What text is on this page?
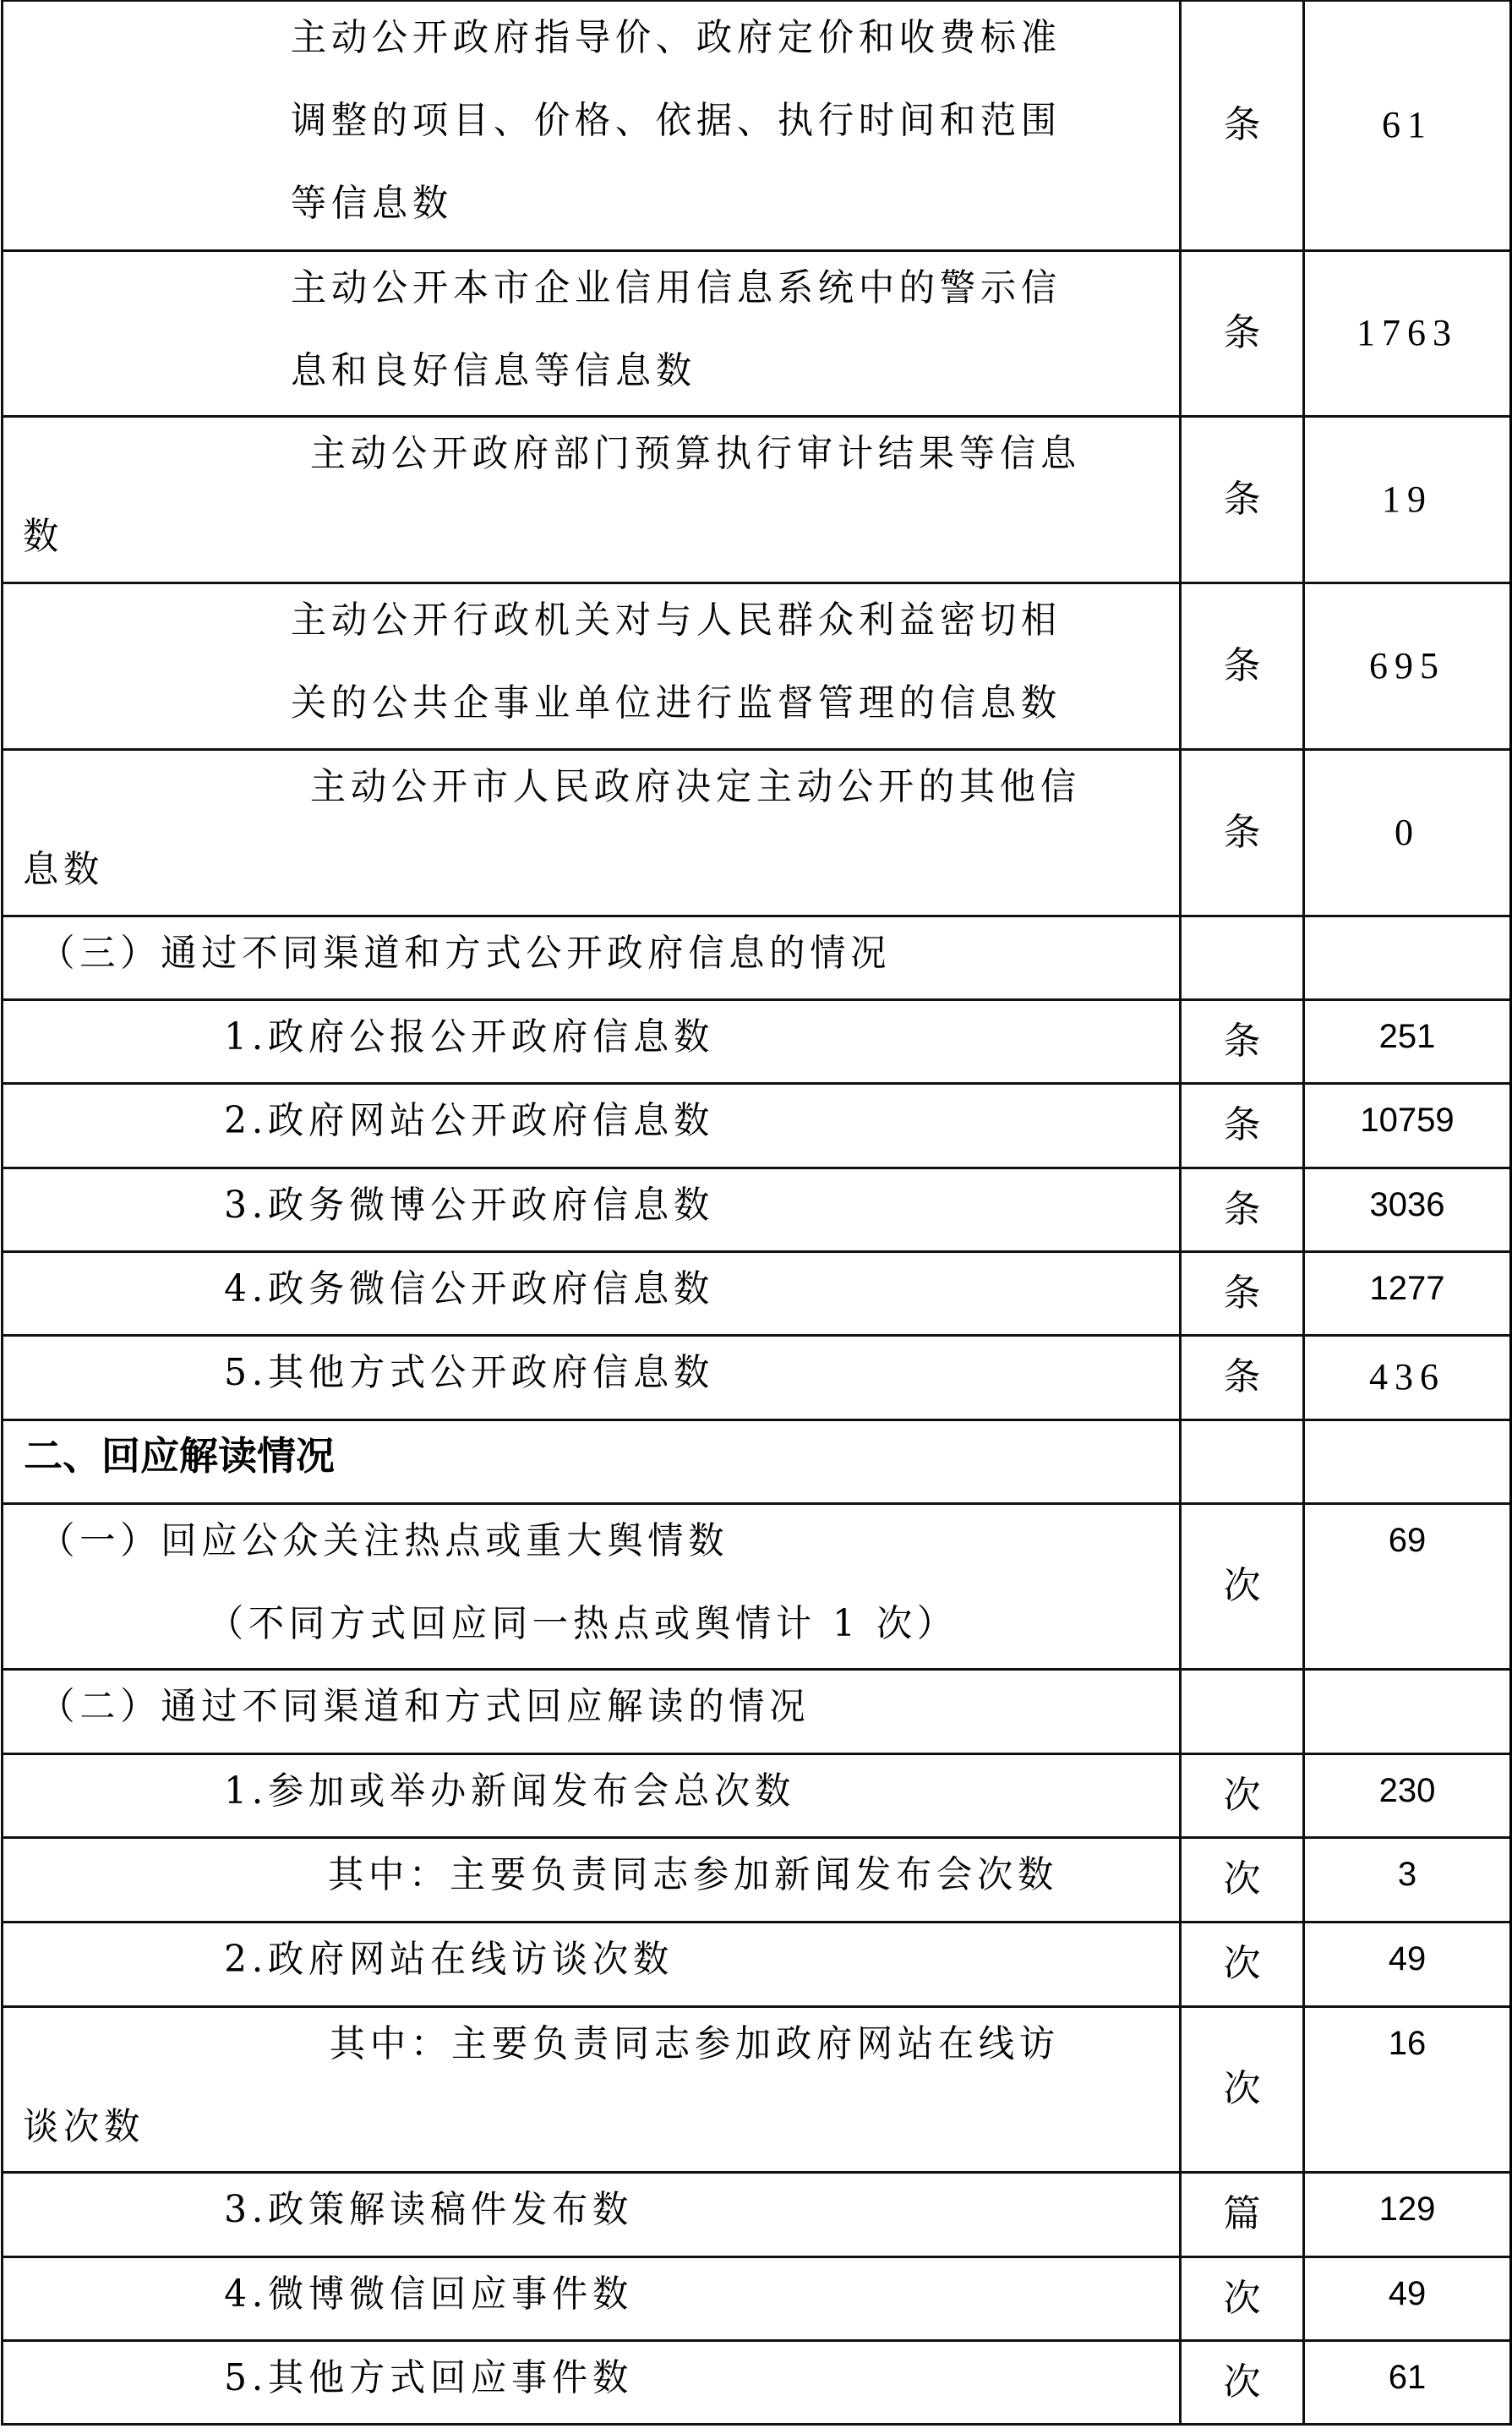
主动公开政府指导价、政府定价和收费标准调整的项目、价格、依据、执行时间和范围等信息数	条	61

主动公开本市企业信用信息系统中的警示信息和良好信息等信息数	条	1763

主动公开政府部门预算执行审计结果等信息数	条	19

主动公开行政机关对与人民群众利益密切相关的公共企事业单位进行监督管理的信息数	条	695

主动公开市人民政府决定主动公开的其他信息数	条	0

（三）通过不同渠道和方式公开政府信息的情况		

1.政府公报公开政府信息数	条	251

2.政府网站公开政府信息数	条	10759

3.政务微博公开政府信息数	条	3036

4.政务微信公开政府信息数	条	1277

5.其他方式公开政府信息数	条	436

二、回应解读情况		

（一）回应公众关注热点或重大舆情数
（不同方式回应同一热点或舆情计 1 次）	次	69

（二）通过不同渠道和方式回应解读的情况		

1.参加或举办新闻发布会总次数	次	230

其中：主要负责同志参加新闻发布会次数	次	3

2.政府网站在线访谈次数	次	49

其中：主要负责同志参加政府网站在线访谈次数	次	16

3.政策解读稿件发布数	篇	129

4.微博微信回应事件数	次	49

5.其他方式回应事件数	次	61
